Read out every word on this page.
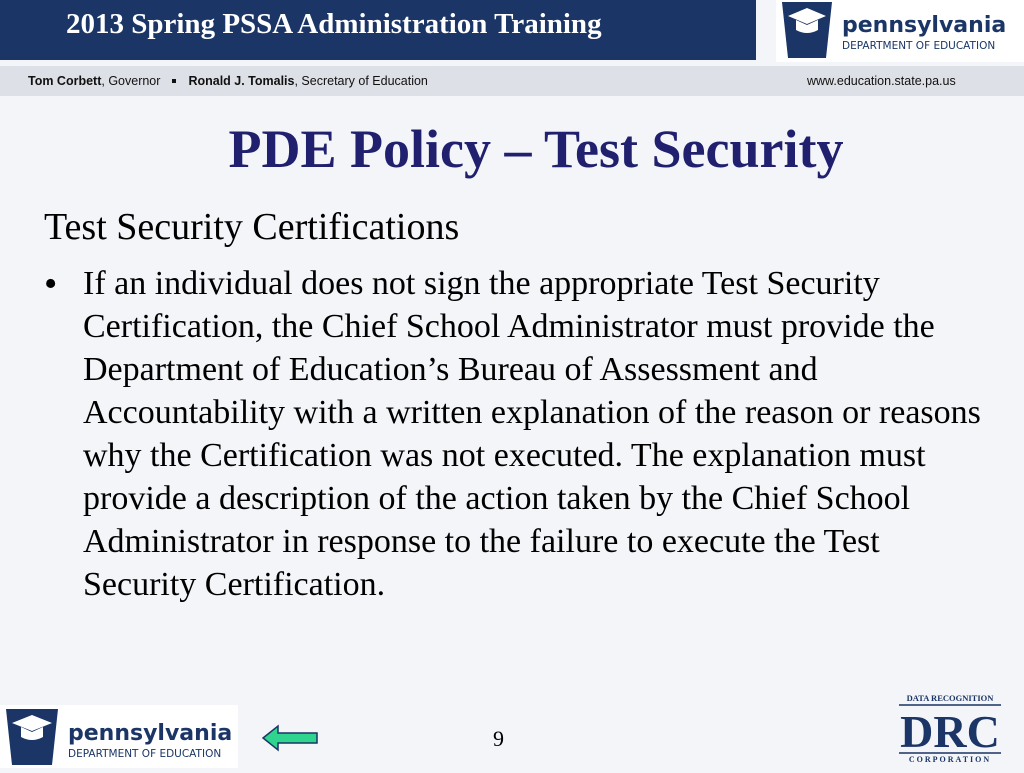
2013 Spring PSSA Administration Training	pennsylvania
DEPARTMENT OF EDUCATION
Tom Corbett, Governor Ronald J. Tomalis, Secretary of Education	www.education.state.pa.us
PDE Policy – Test Security
Test Security Certifications
• If an individual does not sign the appropriate Test Security Certification, the Chief School Administrator must provide the Department of Education’s Bureau of Assessment and Accountability with a written explanation of the reason or reasons why the Certification was not executed. The explanation must provide a description of the action taken by the Chief School Administrator in response to the failure to execute the Test Security Certification.
pennsylvania
DEPARTMENT OF EDUCATION
9
DATA RECOGNITION
DRC
CORPORATION
